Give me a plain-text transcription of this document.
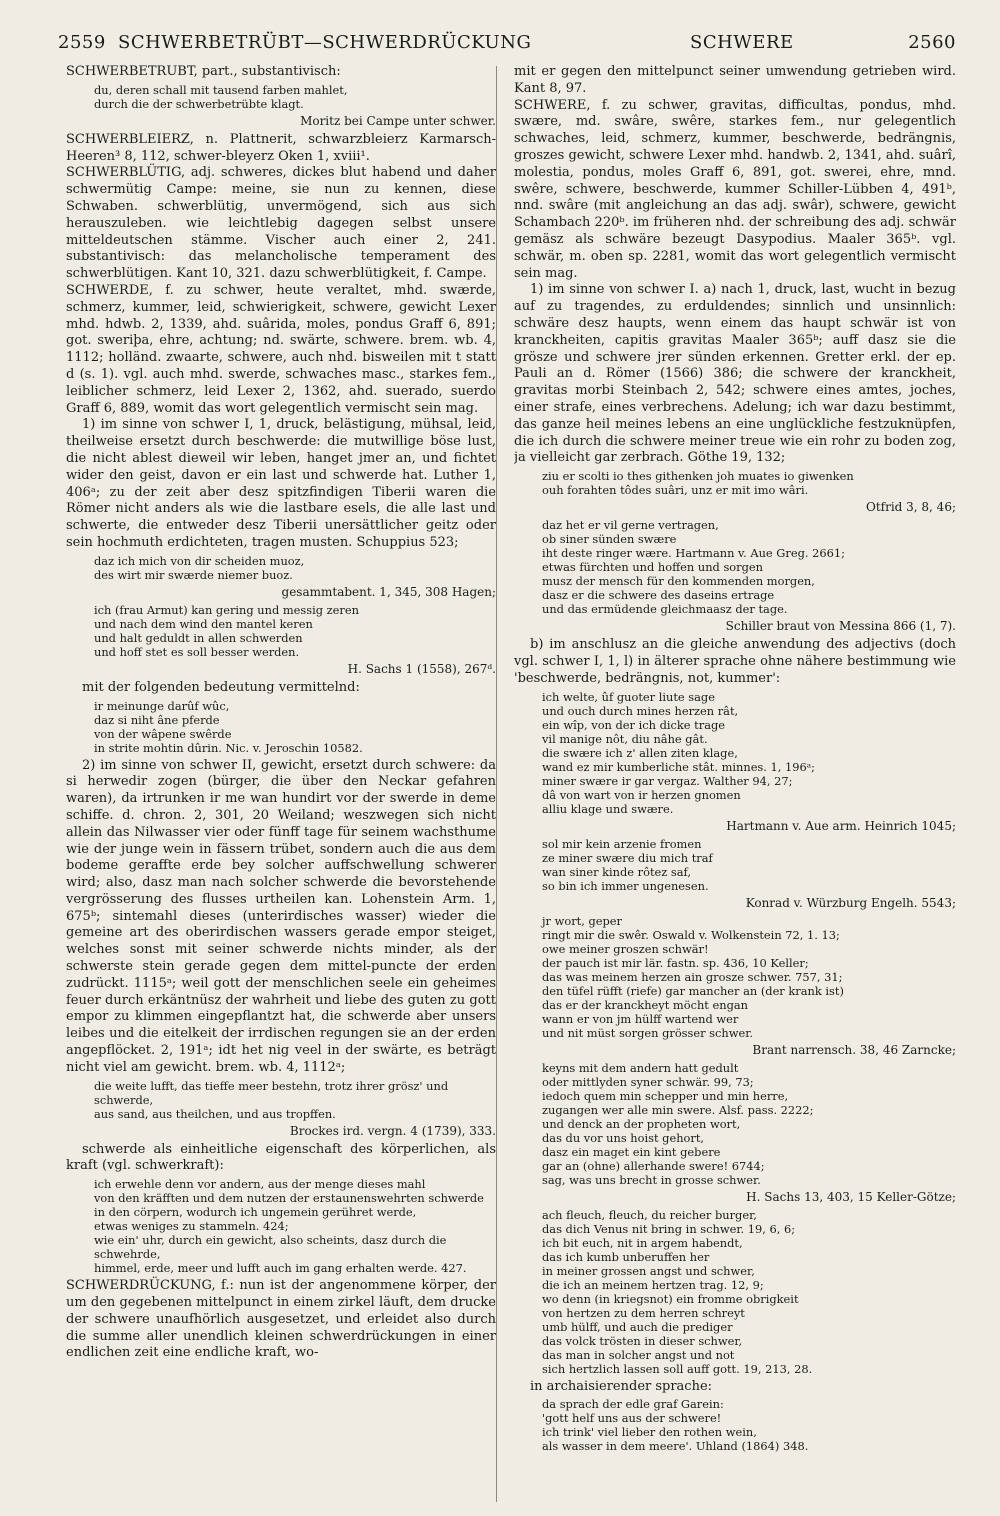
2559 SCHWERBETRÜBT—SCHWERDRÜCKUNG	SCHWERE	2560

SCHWERBETRÜBT, part., substantivisch:

du, deren schall mit tausend farben mahlet,
durch die der schwerbetrübte klagt.

Moritz bei Campe unter schwer.

SCHWERBLEIERZ, n. Plattnerit, schwarzbleierz Karmarsch-Heeren³ 8, 112, schwer-bleyerz Oken 1, xviii¹.

SCHWERBLÜTIG, adj. schweres, dickes blut habend und daher schwermütig Campe: meine, sie nun zu kennen, diese Schwaben. schwerblütig, unvermögend, sich aus sich herauszuleben. wie leichtlebig dagegen selbst unsere mitteldeutschen stämme. Vischer auch einer 2, 241. substantivisch: das melancholische temperament des schwerblütigen. Kant 10, 321. dazu schwerblütigkeit, f. Campe.

SCHWERDE, f. zu schwer, heute veraltet, mhd. swærde, schmerz, kummer, leid, schwierigkeit, schwere, gewicht Lexer mhd. hdwb. 2, 1339, ahd. suârida, moles, pondus Graff 6, 891; got. sweriþa, ehre, achtung; nd. swärte, schwere. brem. wb. 4, 1112; holländ. zwaarte, schwere, auch nhd. bisweilen mit t statt d (s. 1). vgl. auch mhd. swerde, schwaches masc., starkes fem., leiblicher schmerz, leid Lexer 2, 1362, ahd. suerado, suerdo Graff 6, 889, womit das wort gelegentlich vermischt sein mag.

1) im sinne von schwer I, 1, druck, belästigung, mühsal, leid, theilweise ersetzt durch beschwerde: die mutwillige böse lust, die nicht ablest dieweil wir leben, hanget jmer an, und fichtet wider den geist, davon er ein last und schwerde hat. Luther 1, 406ᵃ; zu der zeit aber desz spitzfindigen Tiberii waren die Römer nicht anders als wie die lastbare esels, die alle last und schwerte, die entweder desz Tiberii unersättlicher geitz oder sein hochmuth erdichteten, tragen musten. Schuppius 523;

daz ich mich von dir scheiden muoz,
des wirt mir swærde niemer buoz.

gesammtabent. 1, 345, 308 Hagen;

ich (frau Armut) kan gering und messig zeren
und nach dem wind den mantel keren
und halt geduldt in allen schwerden
und hoff stet es soll besser werden.

H. Sachs 1 (1558), 267ᵈ.

mit der folgenden bedeutung vermittelnd:

ir meinunge darûf wûc,
daz si niht âne pferde
von der wâpene swêrde
in strite mohtin dûrin. Nic. v. Jeroschin 10582.

2) im sinne von schwer II, gewicht, ersetzt durch schwere: da si herwedir zogen (bürger, die über den Neckar gefahren waren), da irtrunken ir me wan hundirt vor der swerde in deme schiffe. d. chron. 2, 301, 20 Weiland; weszwegen sich nicht allein das Nilwasser vier oder fünff tage für seinem wachsthume wie der junge wein in fässern trübet, sondern auch die aus dem bodeme geraffte erde bey solcher auffschwellung schwerer wird; also, dasz man nach solcher schwerde die bevorstehende vergrösserung des flusses urtheilen kan. Lohenstein Arm. 1, 675ᵇ; sintemahl dieses (unterirdisches wasser) wieder die gemeine art des oberirdischen wassers gerade empor steiget, welches sonst mit seiner schwerde nichts minder, als der schwerste stein gerade gegen dem mittel-puncte der erden zudrückt. 1115ᵃ; weil gott der menschlichen seele ein geheimes feuer durch erkäntnüsz der wahrheit und liebe des guten zu gott empor zu klimmen eingepflantzt hat, die schwerde aber unsers leibes und die eitelkeit der irrdischen regungen sie an der erden angepflöcket. 2, 191ᵃ; idt het nig veel in der swärte, es beträgt nicht viel am gewicht. brem. wb. 4, 1112ᵃ;

die weite lufft, das tieffe meer bestehn, trotz ihrer grösz' und schwerde,
aus sand, aus theilchen, und aus tropffen.

Brockes ird. vergn. 4 (1739), 333.

schwerde als einheitliche eigenschaft des körperlichen, als kraft (vgl. schwerkraft):

ich erwehle denn vor andern, aus der menge dieses mahl
von den kräfften und dem nutzen der erstaunenswehrten schwerde
in den cörpern, wodurch ich ungemein gerühret werde,
etwas weniges zu stammeln. 424;
wie ein' uhr, durch ein gewicht, also scheints, dasz durch die schwehrde,
himmel, erde, meer und lufft auch im gang erhalten werde. 427.

SCHWERDRÜCKUNG, f.: nun ist der angenommene körper, der um den gegebenen mittelpunct in einem zirkel läuft, dem drucke der schwere unaufhörlich ausgesetzet, und erleidet also durch die summe aller unendlich kleinen schwerdrückungen in einer endlichen zeit eine endliche kraft, wo-

mit er gegen den mittelpunct seiner umwendung getrieben wird. Kant 8, 97.

SCHWERE, f. zu schwer, gravitas, difficultas, pondus, mhd. swære, md. swâre, swêre, starkes fem., nur gelegentlich schwaches, leid, schmerz, kummer, beschwerde, bedrängnis, groszes gewicht, schwere Lexer mhd. handwb. 2, 1341, ahd. suârî, molestia, pondus, moles Graff 6, 891, got. swerei, ehre, mnd. swêre, schwere, beschwerde, kummer Schiller-Lübben 4, 491ᵇ, nnd. swâre (mit angleichung an das adj. swâr), schwere, gewicht Schambach 220ᵇ. im früheren nhd. der schreibung des adj. schwär gemäsz als schwäre bezeugt Dasypodius. Maaler 365ᵇ. vgl. schwär, m. oben sp. 2281, womit das wort gelegentlich vermischt sein mag.

1) im sinne von schwer I. a) nach 1, druck, last, wucht in bezug auf zu tragendes, zu erduldendes; sinnlich und unsinnlich: schwäre desz haupts, wenn einem das haupt schwär ist von kranckheiten, capitis gravitas Maaler 365ᵇ; auff dasz sie die grösze und schwere jrer sünden erkennen. Gretter erkl. der ep. Pauli an d. Römer (1566) 386; die schwere der kranckheit, gravitas morbi Steinbach 2, 542; schwere eines amtes, joches, einer strafe, eines verbrechens. Adelung; ich war dazu bestimmt, das ganze heil meines lebens an eine unglückliche festzuknüpfen, die ich durch die schwere meiner treue wie ein rohr zu boden zog, ja vielleicht gar zerbrach. Göthe 19, 132;

ziu er scolti io thes githenken joh muates io giwenken
ouh forahten tôdes suâri, unz er mit imo wâri.

Otfrid 3, 8, 46;

daz het er vil gerne vertragen,
ob siner sünden swære
iht deste ringer wære. Hartmann v. Aue Greg. 2661;
etwas fürchten und hoffen und sorgen
musz der mensch für den kommenden morgen,
dasz er die schwere des daseins ertrage
und das ermüdende gleichmaasz der tage.

Schiller braut von Messina 866 (1, 7).

b) im anschlusz an die gleiche anwendung des adjectivs (doch vgl. schwer I, 1, l) in älterer sprache ohne nähere bestimmung wie 'beschwerde, bedrängnis, not, kummer':

ich welte, ûf guoter liute sage
und ouch durch mines herzen rât,
ein wîp, von der ich dicke trage
vil manige nôt, diu nâhe gât.
die swære ich z' allen ziten klage,
wand ez mir kumberliche stât. minnes. 1, 196ᵃ;
miner swære ir gar vergaz. Walther 94, 27;
dâ von wart von ir herzen gnomen
alliu klage und swære.

Hartmann v. Aue arm. Heinrich 1045;

sol mir kein arzenie fromen
ze miner swære diu mich traf
wan siner kinde rôtez saf,
so bin ich immer ungenesen.

Konrad v. Würzburg Engelh. 5543;

jr wort, geper
ringt mir die swêr. Oswald v. Wolkenstein 72, 1. 13;
owe meiner groszen schwär!
der pauch ist mir lär. fastn. sp. 436, 10 Keller;
das was meinem herzen ain grosze schwer. 757, 31;
den tüfel rüfft (riefe) gar mancher an (der krank ist)
das er der kranckheyt möcht engan
wann er von jm hülff wartend wer
und nit müst sorgen grösser schwer.

Brant narrensch. 38, 46 Zarncke;

keyns mit dem andern hatt gedult
oder mittlyden syner schwär. 99, 73;
iedoch quem min schepper und min herre,
zugangen wer alle min swere. Alsf. pass. 2222;
und denck an der propheten wort,
das du vor uns hoist gehort,
dasz ein maget ein kint gebere
gar an (ohne) allerhande swere! 6744;
sag, was uns brecht in grosse schwer.

H. Sachs 13, 403, 15 Keller-Götze;

ach fleuch, fleuch, du reicher burger,
das dich Venus nit bring in schwer. 19, 6, 6;
ich bit euch, nit in argem habendt,
das ich kumb unberuffen her
in meiner grossen angst und schwer,
die ich an meinem hertzen trag. 12, 9;
wo denn (in kriegsnot) ein fromme obrigkeit
von hertzen zu dem herren schreyt
umb hülff, und auch die prediger
das volck trösten in dieser schwer,
das man in solcher angst und not
sich hertzlich lassen soll auff gott. 19, 213, 28.

in archaisierender sprache:

da sprach der edle graf Garein:
'gott helf uns aus der schwere!
ich trink' viel lieber den rothen wein,
als wasser in dem meere'. Uhland (1864) 348.
